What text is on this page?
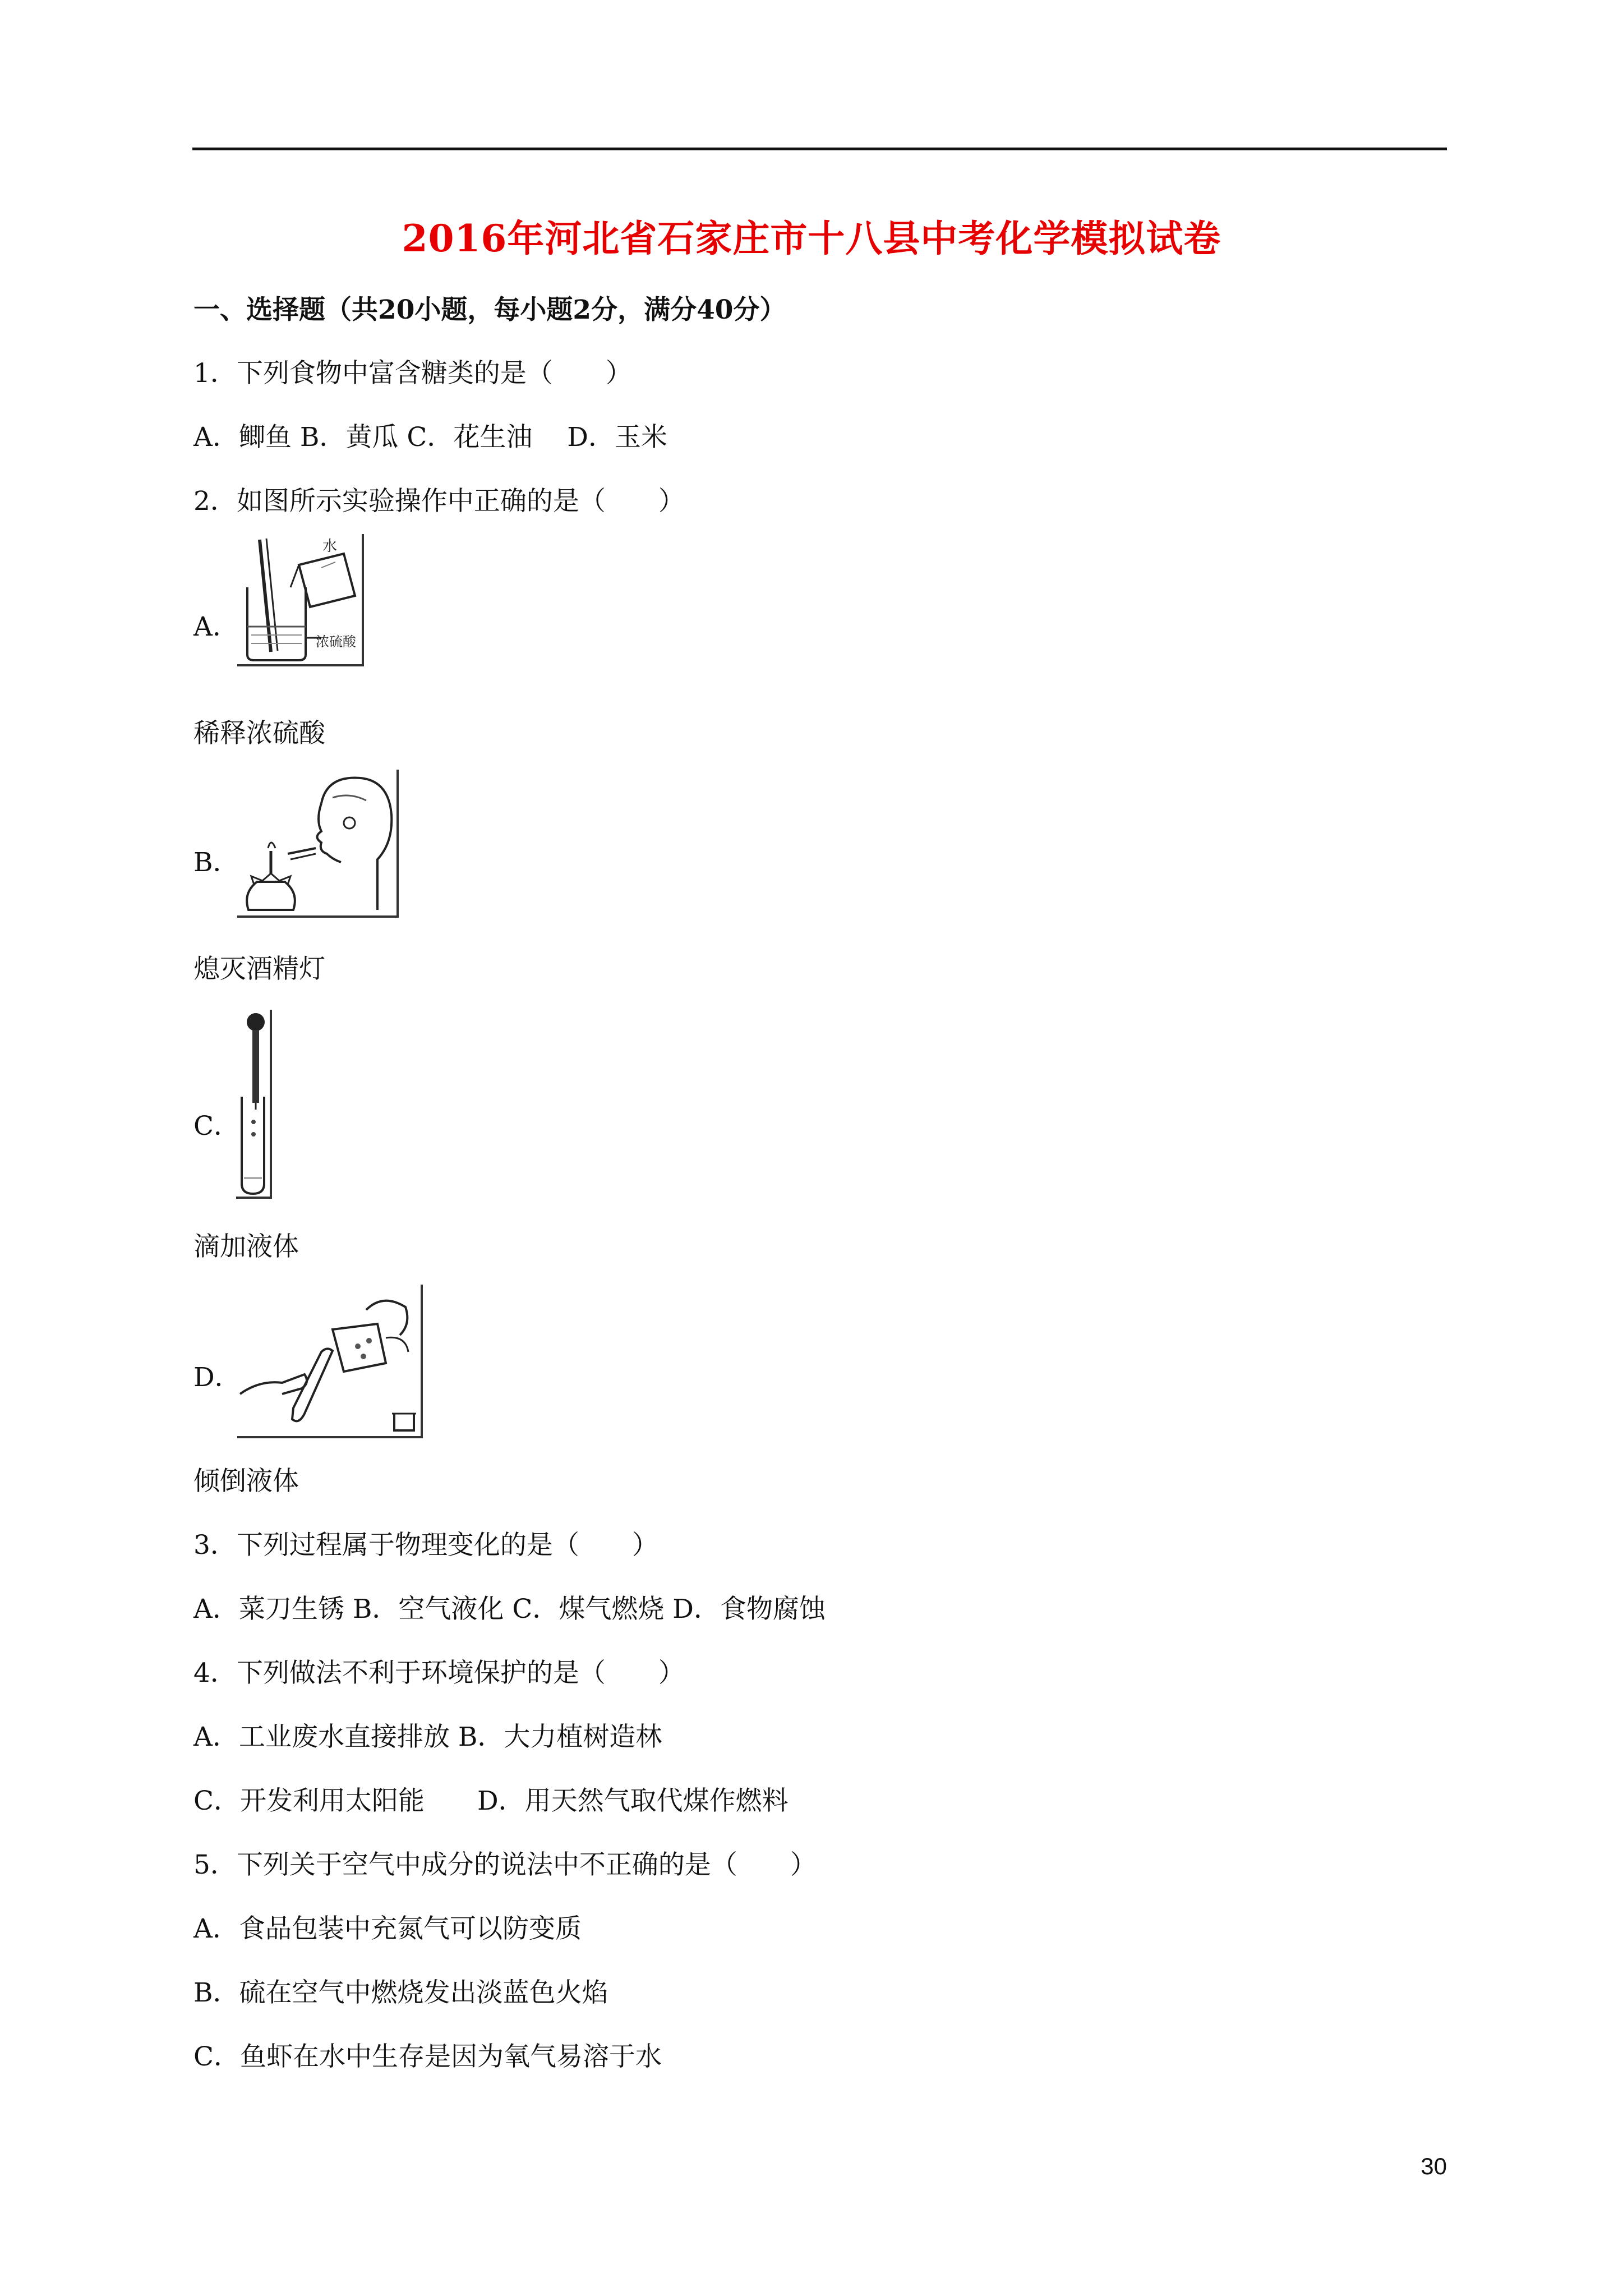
2016年河北省石家庄市十八县中考化学模拟试卷
一、选择题（共20小题，每小题2分，满分40分）
1．下列食物中富含糖类的是（　　）
A．鲫鱼 B．黄瓜 C．花生油　 D．玉米
2．如图所示实验操作中正确的是（　　）
A．
水
浓硫酸
稀释浓硫酸
B．
熄灭酒精灯
C．
滴加液体
D．
倾倒液体
3．下列过程属于物理变化的是（　　）
A．菜刀生锈 B．空气液化 C．煤气燃烧 D．食物腐蚀
4．下列做法不利于环境保护的是（　　）
A．工业废水直接排放 B．大力植树造林
C．开发利用太阳能　　D．用天然气取代煤作燃料
5．下列关于空气中成分的说法中不正确的是（　　）
A．食品包装中充氮气可以防变质
B．硫在空气中燃烧发出淡蓝色火焰
C．鱼虾在水中生存是因为氧气易溶于水
30
